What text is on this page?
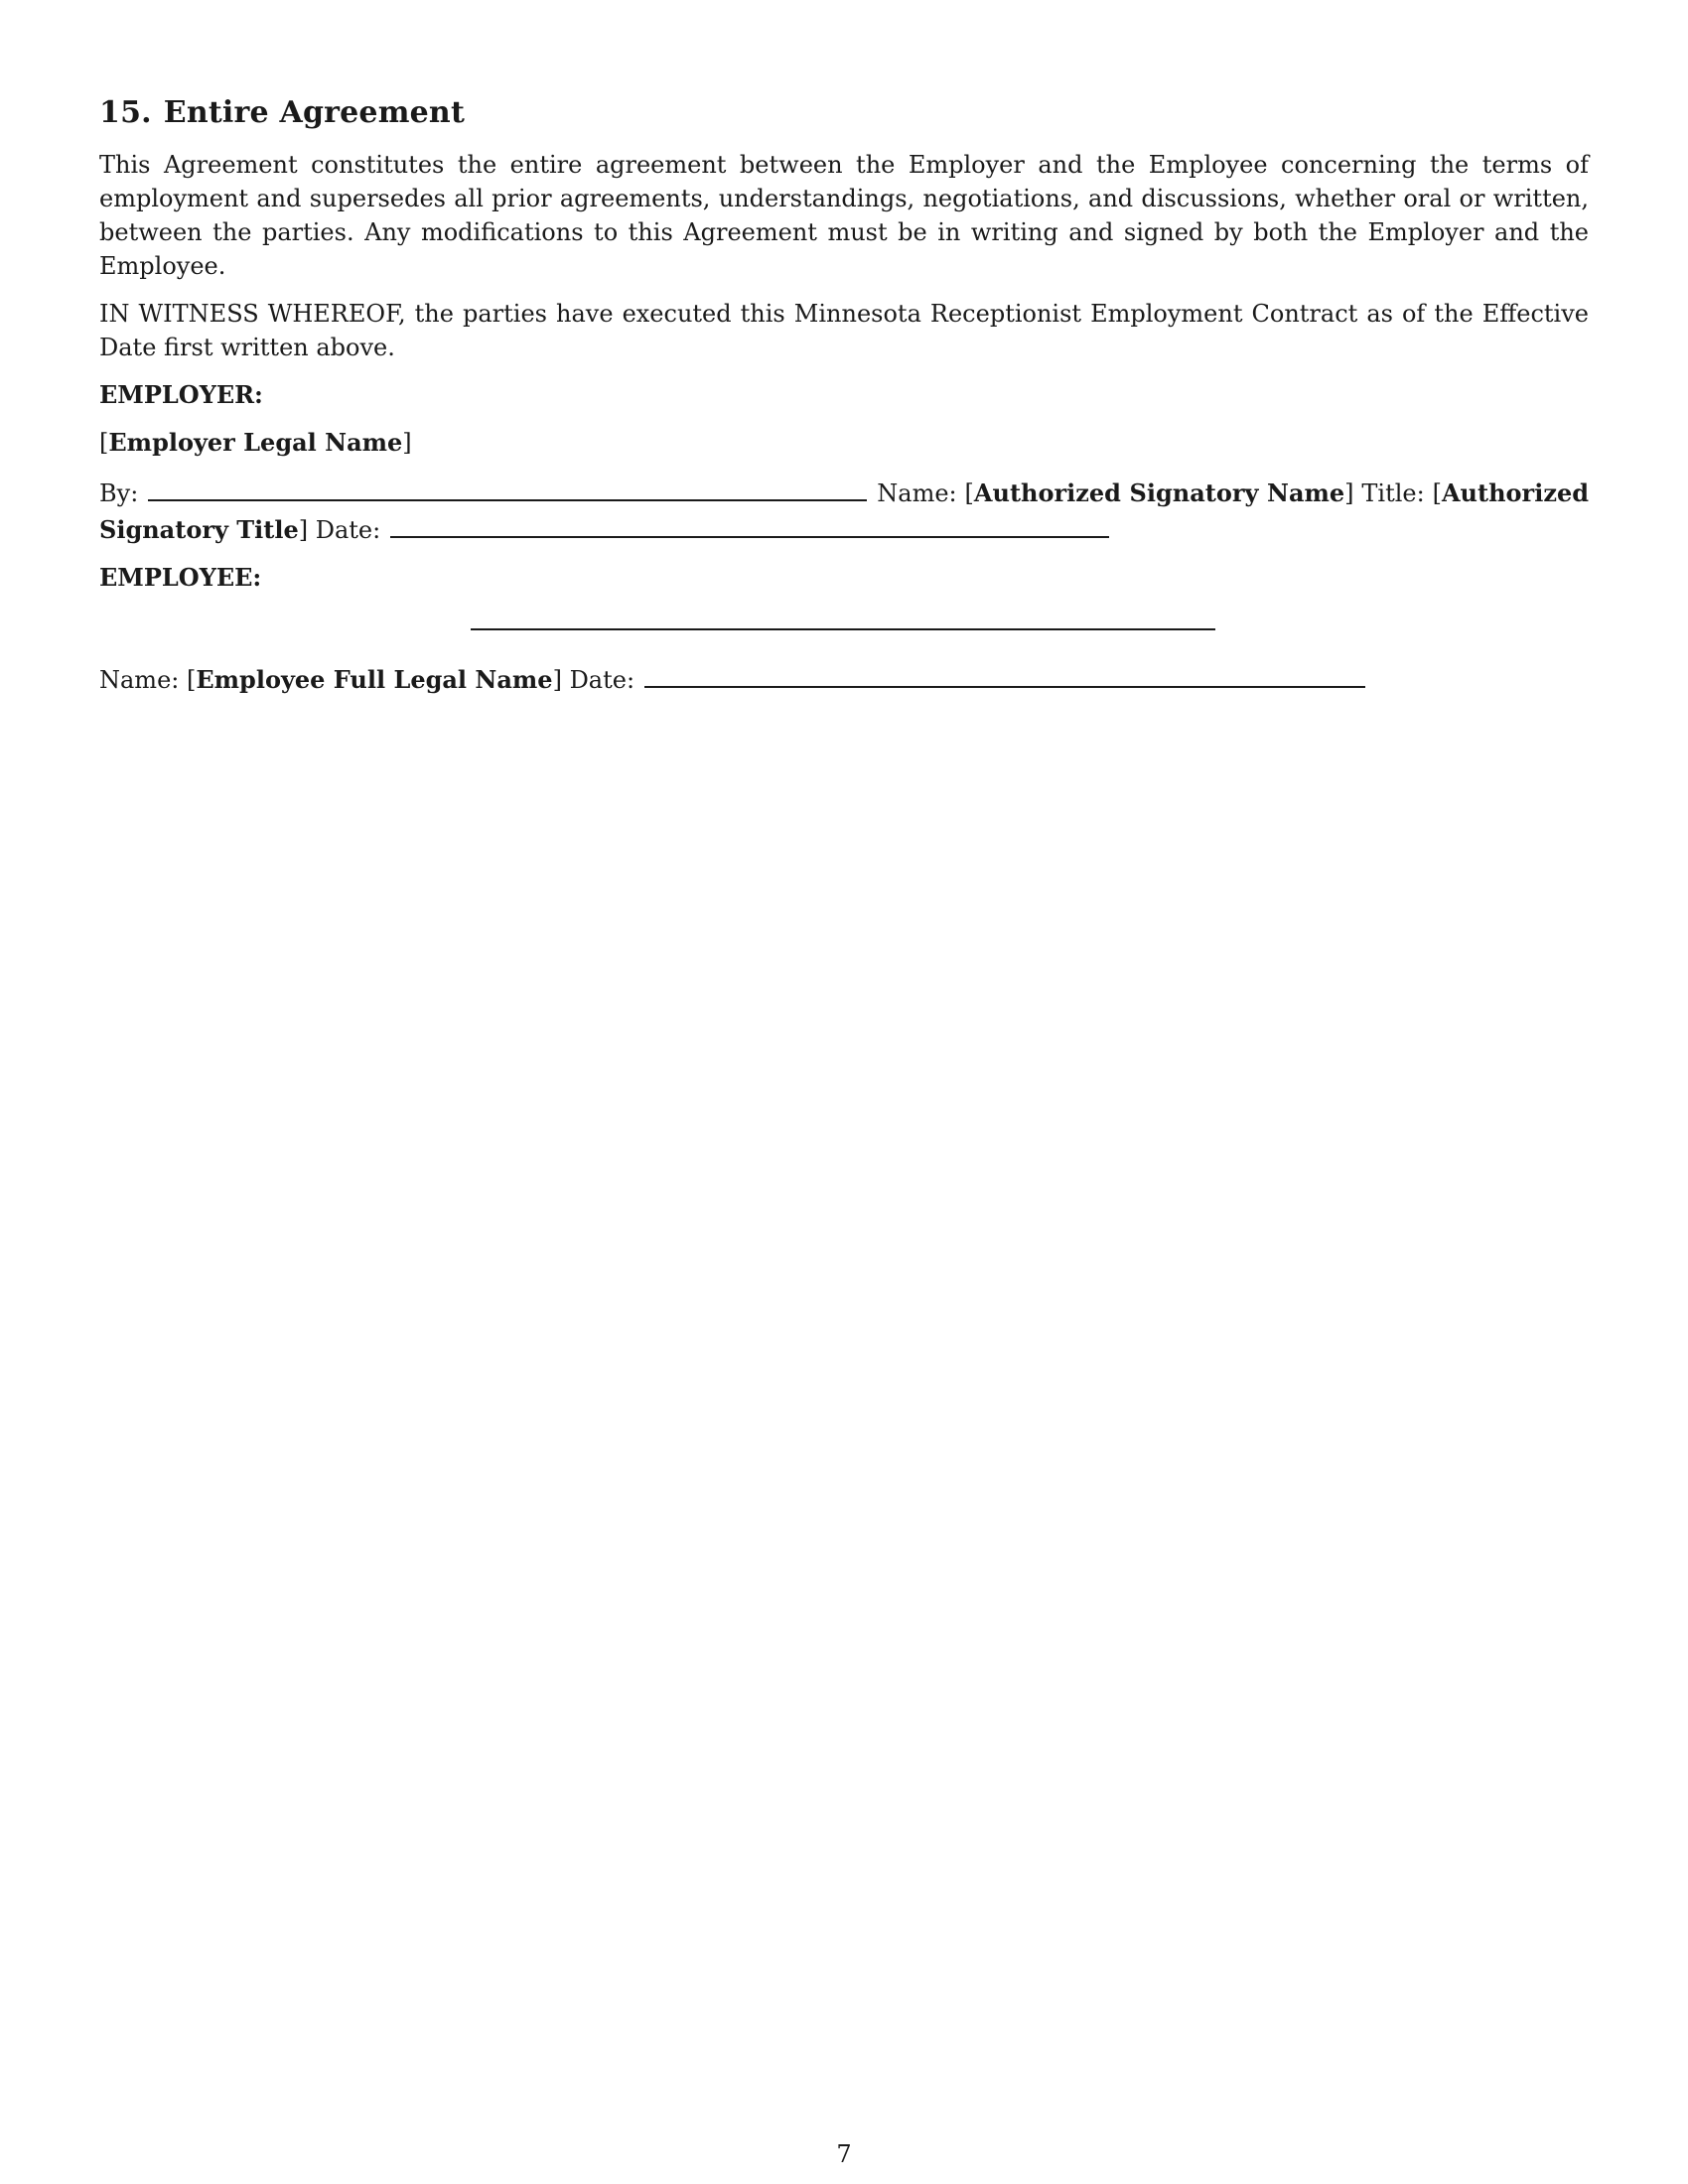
15. Entire Agreement

This Agreement constitutes the entire agreement between the Employer and the Employee concerning the terms of employment and supersedes all prior agreements, understandings, negotiations, and discussions, whether oral or written, between the parties. Any modifications to this Agreement must be in writing and signed by both the Employer and the Employee.

IN WITNESS WHEREOF, the parties have executed this Minnesota Receptionist Employment Contract as of the Effective Date first written above.

EMPLOYER:

[Employer Legal Name]

By:	Name: [Authorized Signatory Name] Title: [Authorized Signatory Title] Date:

EMPLOYEE:

Name: [Employee Full Legal Name] Date:

7
